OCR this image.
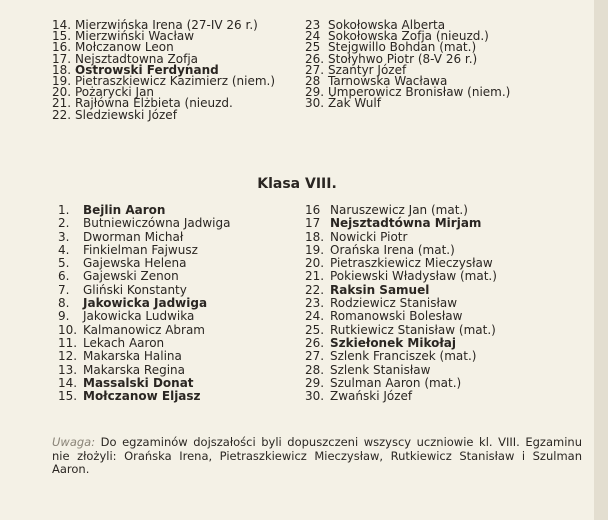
14. Mierzwińska Irena (27-IV 26 r.)
15. Mierzwiński Wacław
16. Mołczanow Leon
17. Nejsztadtowna Zofja
18. Ostrowski Ferdynand
19. Pietraszkiewicz Kazimierz (niem.)
20. Pożarycki Jan
21. Rajłówna Elżbieta (nieuzd.
22. Sledziewski Józef
23 Sokołowska Alberta
24 Sokołowska Zofja (nieuzd.)
25 Stejgwillo Bohdan (mat.)
26. Stołyhwo Piotr (8-V 26 r.)
27. Szantyr Józef
28 Tarnowska Wacława
29. Umperowicz Bronisław (niem.)
30. Żak Wulf
Klasa VIII.
1. Bejlin Aaron
2. Butniewiczówna Jadwiga
3. Dworman Michał
4. Finkielman Fajwusz
5. Gajewska Helena
6. Gajewski Zenon
7. Gliński Konstanty
8. Jakowicka Jadwiga
9. Jakowicka Ludwika
10. Kalmanowicz Abram
11. Lekach Aaron
12. Makarska Halina
13. Makarska Regina
14. Massalski Donat
15. Mołczanow Eljasz
16 Naruszewicz Jan (mat.)
17 Nejsztadtówna Mirjam
18. Nowicki Piotr
19. Orańska Irena (mat.)
20. Pietraszkiewicz Mieczysław
21. Pokiewski Władysław (mat.)
22. Raksin Samuel
23. Rodziewicz Stanisław
24. Romanowski Bolesław
25. Rutkiewicz Stanisław (mat.)
26. Szkiełonek Mikołaj
27. Szlenk Franciszek (mat.)
28. Szlenk Stanisław
29. Szulman Aaron (mat.)
30. Zwański Józef
Uwaga: Do egzaminów dojszałości byli dopuszczeni wszyscy uczniowie kl. VIII. Egzaminu nie złożyli: Orańska Irena, Pietraszkiewicz Mieczysław, Rutkiewicz Stanisław i Szulman Aaron.
